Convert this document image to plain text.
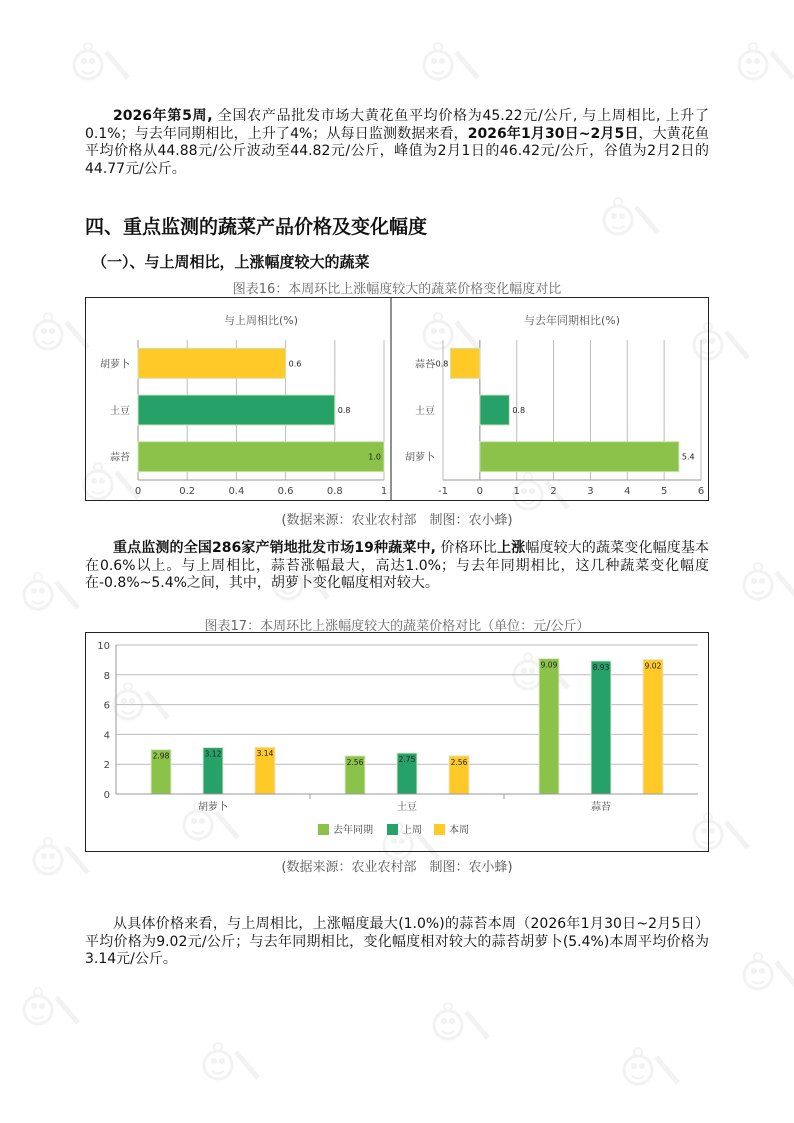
2026年第5周, 全国农产品批发市场大黄花鱼平均价格为45.22元/公斤, 与上周相比, 上升了0.1%；与去年同期相比，上升了4%；从每日监测数据来看，2026年1月30日~2月5日，大黄花鱼平均价格从44.88元/公斤波动至44.82元/公斤，峰值为2月1日的46.42元/公斤，谷值为2月2日的44.77元/公斤。

四、重点监测的蔬菜产品价格及变化幅度
（一）、与上周相比，上涨幅度较大的蔬菜
图表16：本周环比上涨幅度较大的蔬菜价格变化幅度对比
与上周相比(%)
0	0.2	0.4	0.6	0.8	1
胡萝卜	0.6
土豆	0.8
蒜苔	1.0
与去年同期相比(%)
-1	0	1	2	3	4	5	6
蒜苔
-0.8
土豆	0.8
胡萝卜	5.4
(数据来源：农业农村部　制图：农小蜂)

重点监测的全国286家产销地批发市场19种蔬菜中, 价格环比上涨幅度较大的蔬菜变化幅度基本在0.6%以上。与上周相比，蒜苔涨幅最大，高达1.0%；与去年同期相比，这几种蔬菜变化幅度在-0.8%~5.4%之间，其中，胡萝卜变化幅度相对较大。

图表17：本周环比上涨幅度较大的蔬菜价格对比（单位：元/公斤）
0
2
4
6
8
10
胡萝卜
2.98	3.12	3.14
土豆
2.56	2.75	2.56
蒜苔
9.09	8.93	9.02
去年同期	上周	本周
(数据来源：农业农村部　制图：农小蜂)

从具体价格来看，与上周相比，上涨幅度最大(1.0%)的蒜苔本周（2026年1月30日~2月5日）平均价格为9.02元/公斤；与去年同期相比，变化幅度相对较大的蒜苔胡萝卜(5.4%)本周平均价格为3.14元/公斤。
